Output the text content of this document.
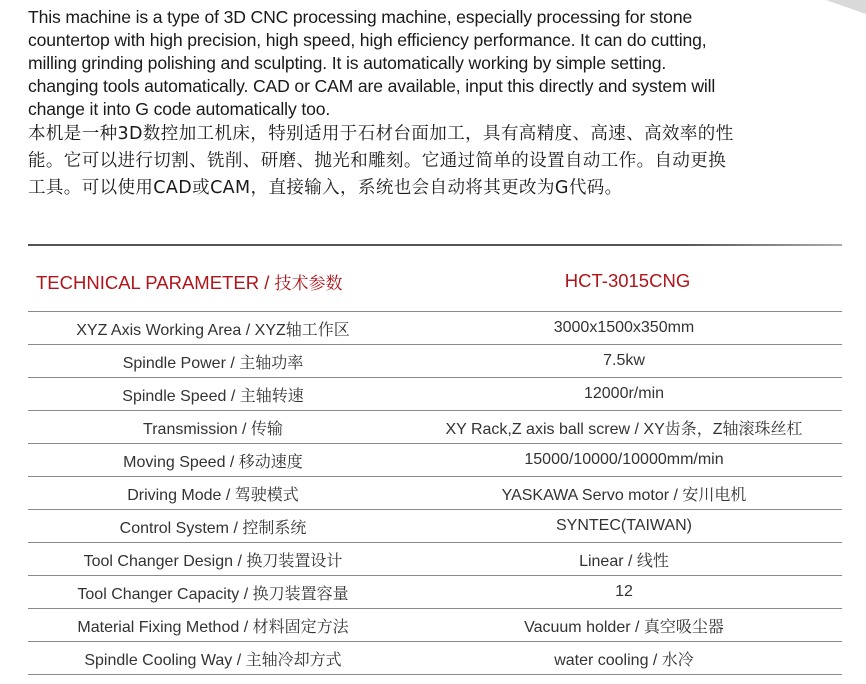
This machine is a type of 3D CNC processing machine, especially processing for stone

countertop with high precision, high speed, high efficiency performance. It can do cutting,

milling grinding polishing and sculpting. It is automatically working by simple setting.

changing tools automatically. CAD or CAM are available, input this directly and system will

change it into G code automatically too.

本机是一种3D数控加工机床，特别适用于石材台面加工，具有高精度、高速、高效率的性

能。它可以进行切割、铣削、研磨、抛光和雕刻。它通过简单的设置自动工作。自动更换

工具。可以使用CAD或CAM，直接输入，系统也会自动将其更改为G代码。

TECHNICAL PARAMETER / 技术参数	HCT-3015CNG
XYZ Axis Working Area / XYZ轴工作区	3000x1500x350mm
Spindle Power / 主轴功率	7.5kw
Spindle Speed / 主轴转速	12000r/min
Transmission / 传输	XY Rack,Z axis ball screw / XY齿条，Z轴滚珠丝杠
Moving Speed / 移动速度	15000/10000/10000mm/min
Driving Mode / 驾驶模式	YASKAWA Servo motor / 安川电机
Control System / 控制系统	SYNTEC(TAIWAN)
Tool Changer Design / 换刀装置设计	Linear / 线性
Tool Changer Capacity / 换刀装置容量	12
Material Fixing Method / 材料固定方法	Vacuum holder / 真空吸尘器
Spindle Cooling Way / 主轴冷却方式	water cooling / 水冷
